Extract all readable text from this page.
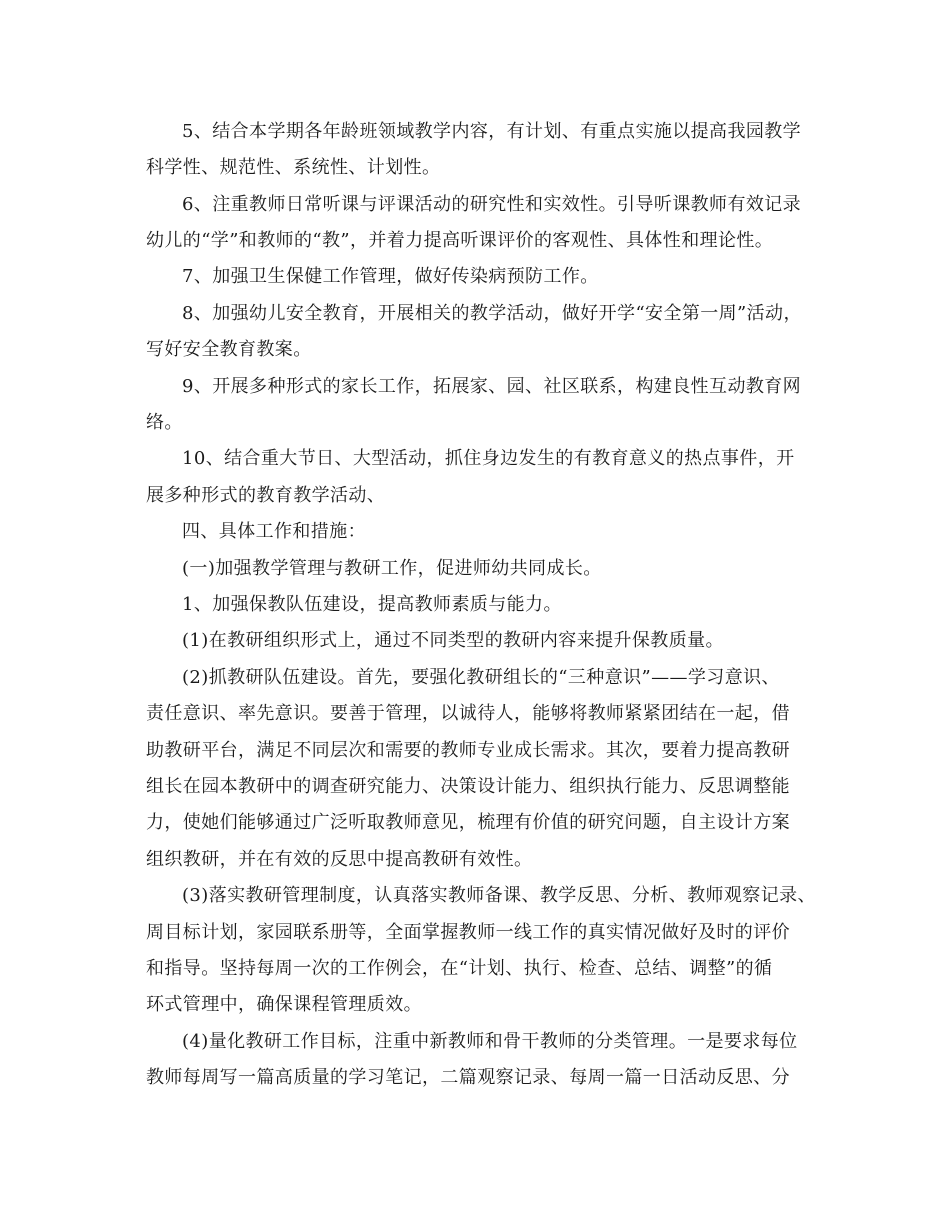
5、结合本学期各年龄班领域教学内容，有计划、有重点实施以提高我园教学
科学性、规范性、系统性、计划性。
6、注重教师日常听课与评课活动的研究性和实效性。引导听课教师有效记录
幼儿的“学”和教师的“教”，并着力提高听课评价的客观性、具体性和理论性。
7、加强卫生保健工作管理，做好传染病预防工作。
8、加强幼儿安全教育，开展相关的教学活动，做好开学“安全第一周”活动，
写好安全教育教案。
9、开展多种形式的家长工作，拓展家、园、社区联系，构建良性互动教育网
络。
10、结合重大节日、大型活动，抓住身边发生的有教育意义的热点事件，开
展多种形式的教育教学活动、
四、具体工作和措施：
(一)加强教学管理与教研工作，促进师幼共同成长。
1、加强保教队伍建设，提高教师素质与能力。
(1)在教研组织形式上，通过不同类型的教研内容来提升保教质量。
(2)抓教研队伍建设。首先，要强化教研组长的“三种意识”——学习意识、
责任意识、率先意识。要善于管理，以诚待人，能够将教师紧紧团结在一起，借
助教研平台，满足不同层次和需要的教师专业成长需求。其次，要着力提高教研
组长在园本教研中的调查研究能力、决策设计能力、组织执行能力、反思调整能
力，使她们能够通过广泛听取教师意见，梳理有价值的研究问题，自主设计方案
组织教研，并在有效的反思中提高教研有效性。
(3)落实教研管理制度，认真落实教师备课、教学反思、分析、教师观察记录、
周目标计划，家园联系册等，全面掌握教师一线工作的真实情况做好及时的评价
和指导。坚持每周一次的工作例会，在“计划、执行、检查、总结、调整”的循
环式管理中，确保课程管理质效。
(4)量化教研工作目标，注重中新教师和骨干教师的分类管理。一是要求每位
教师每周写一篇高质量的学习笔记，二篇观察记录、每周一篇一日活动反思、分
